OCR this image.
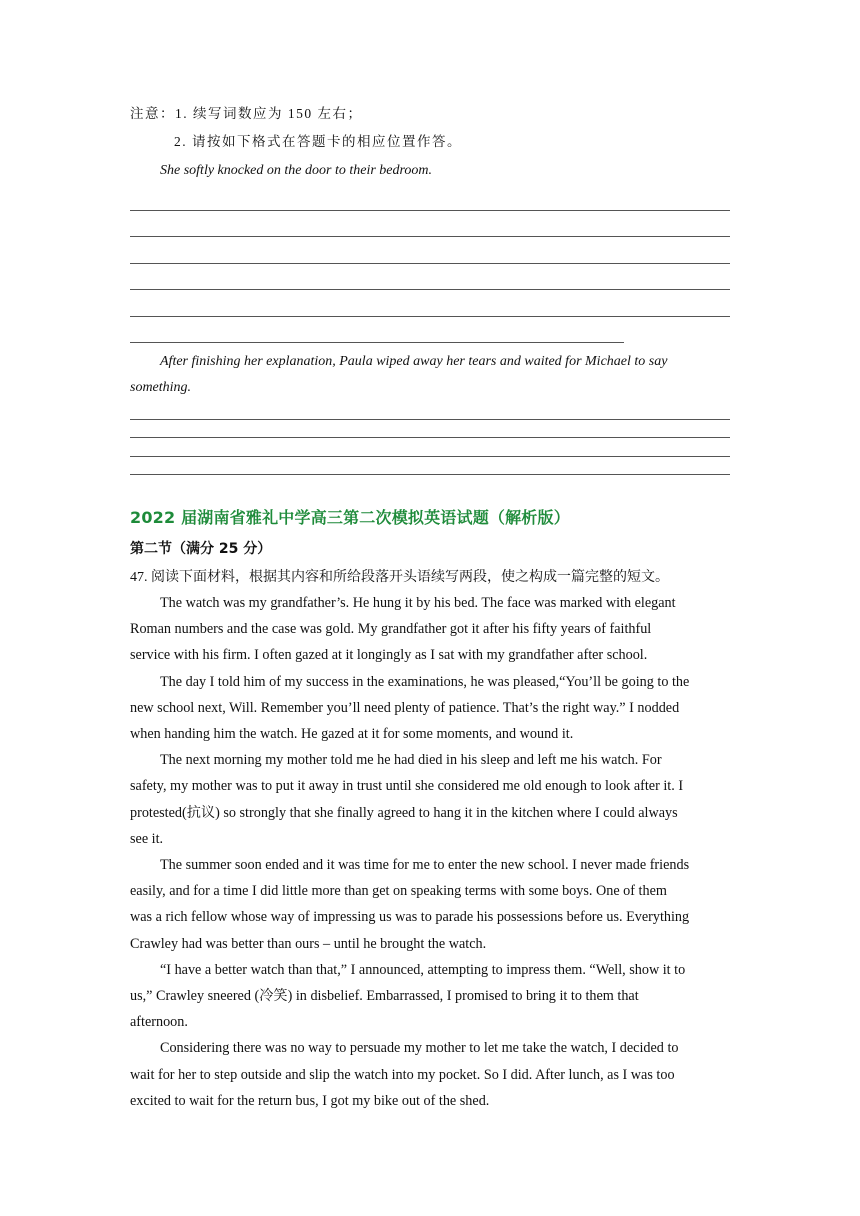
注意：1. 续写词数应为 150 左右；

2. 请按如下格式在答题卡的相应位置作答。

She softly knocked on the door to their bedroom.

After finishing her explanation, Paula wiped away her tears and waited for Michael to say

something.

2022 届湖南省雅礼中学高三第二次模拟英语试题（解析版）

第二节（满分 25 分）

47. 阅读下面材料，根据其内容和所给段落开头语续写两段，使之构成一篇完整的短文。

The watch was my grandfather’s. He hung it by his bed. The face was marked with elegant

Roman numbers and the case was gold. My grandfather got it after his fifty years of faithful

service with his firm. I often gazed at it longingly as I sat with my grandfather after school.

The day I told him of my success in the examinations, he was pleased,“You’ll be going to the

new school next, Will. Remember you’ll need plenty of patience. That’s the right way.” I nodded

when handing him the watch. He gazed at it for some moments, and wound it.

The next morning my mother told me he had died in his sleep and left me his watch. For

safety, my mother was to put it away in trust until she considered me old enough to look after it. I

protested(抗议) so strongly that she finally agreed to hang it in the kitchen where I could always

see it.

The summer soon ended and it was time for me to enter the new school. I never made friends

easily, and for a time I did little more than get on speaking terms with some boys. One of them

was a rich fellow whose way of impressing us was to parade his possessions before us. Everything

Crawley had was better than ours – until he brought the watch.

“I have a better watch than that,” I announced, attempting to impress them. “Well, show it to

us,” Crawley sneered (冷笑) in disbelief. Embarrassed, I promised to bring it to them that

afternoon.

Considering there was no way to persuade my mother to let me take the watch, I decided to

wait for her to step outside and slip the watch into my pocket. So I did. After lunch, as I was too

excited to wait for the return bus, I got my bike out of the shed.
